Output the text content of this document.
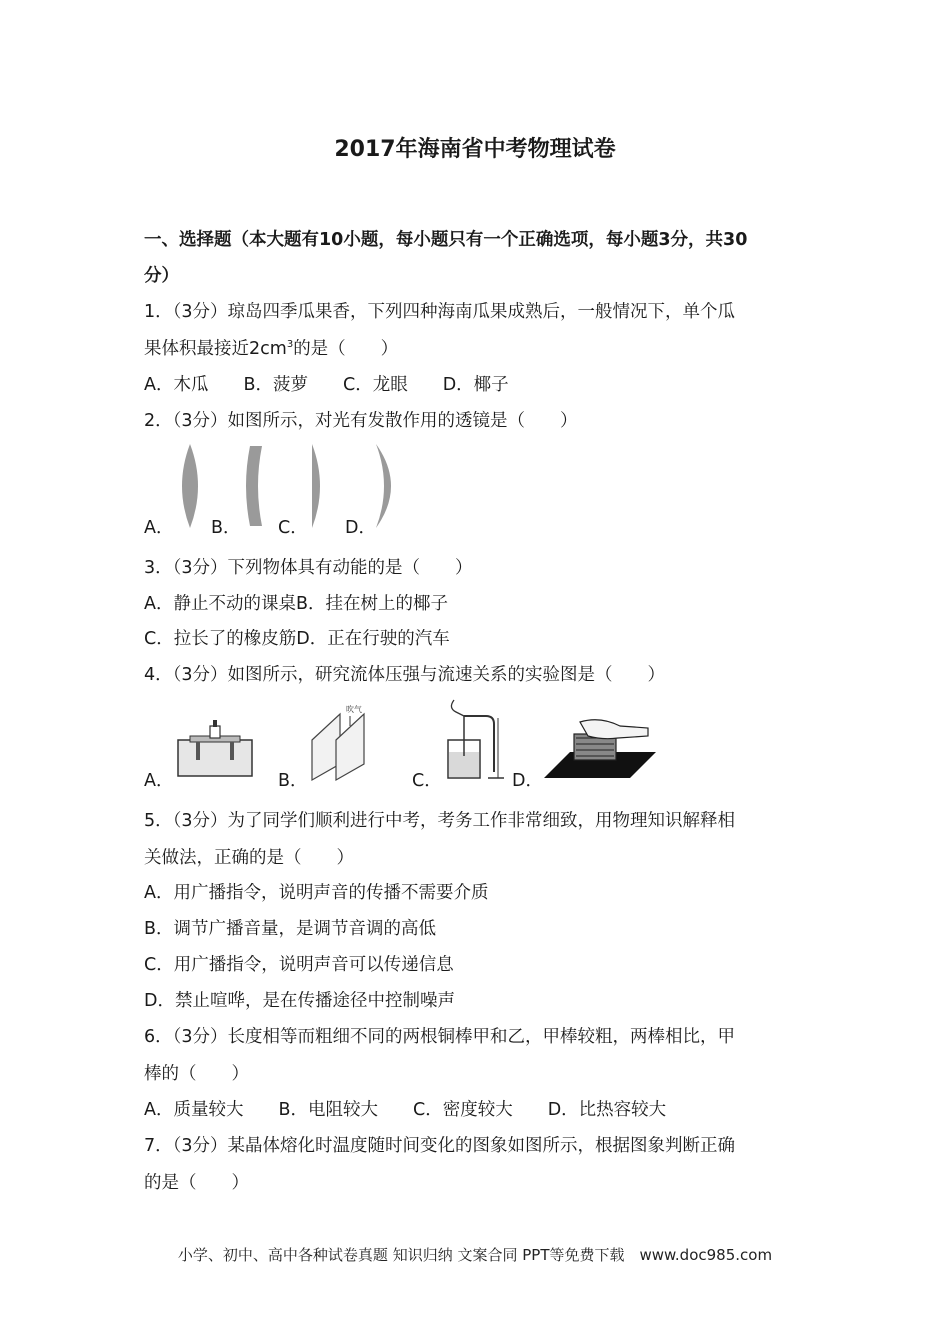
2017年海南省中考物理试卷
一、选择题（本大题有10小题，每小题只有一个正确选项，每小题3分，共30
分）
1．（3分）琼岛四季瓜果香，下列四种海南瓜果成熟后，一般情况下，单个瓜
果体积最接近$2cm^3$的是（　　）
A．木瓜　　B．菠萝　　C．龙眼　　D．椰子
2．（3分）如图所示，对光有发散作用的透镜是（　　）
A． B． C． D．
3．（3分）下列物体具有动能的是（　　）
A．静止不动的课桌B．挂在树上的椰子
C．拉长了的橡皮筋D．正在行驶的汽车
4．（3分）如图所示，研究流体压强与流速关系的实验图是（　　）
A．	B．	C．	D．
吹气
5．（3分）为了同学们顺利进行中考，考务工作非常细致，用物理知识解释相
关做法，正确的是（　　）
A．用广播指令，说明声音的传播不需要介质
B．调节广播音量，是调节音调的高低
C．用广播指令，说明声音可以传递信息
D．禁止喧哗，是在传播途径中控制噪声
6．（3分）长度相等而粗细不同的两根铜棒甲和乙，甲棒较粗，两棒相比，甲
棒的（　　）
A．质量较大　　B．电阻较大　　C．密度较大　　D．比热容较大
7．（3分）某晶体熔化时温度随时间变化的图象如图所示，根据图象判断正确
的是（　　）
小学、初中、高中各种试卷真题 知识归纳 文案合同 PPT等免费下载　www.doc985.com
